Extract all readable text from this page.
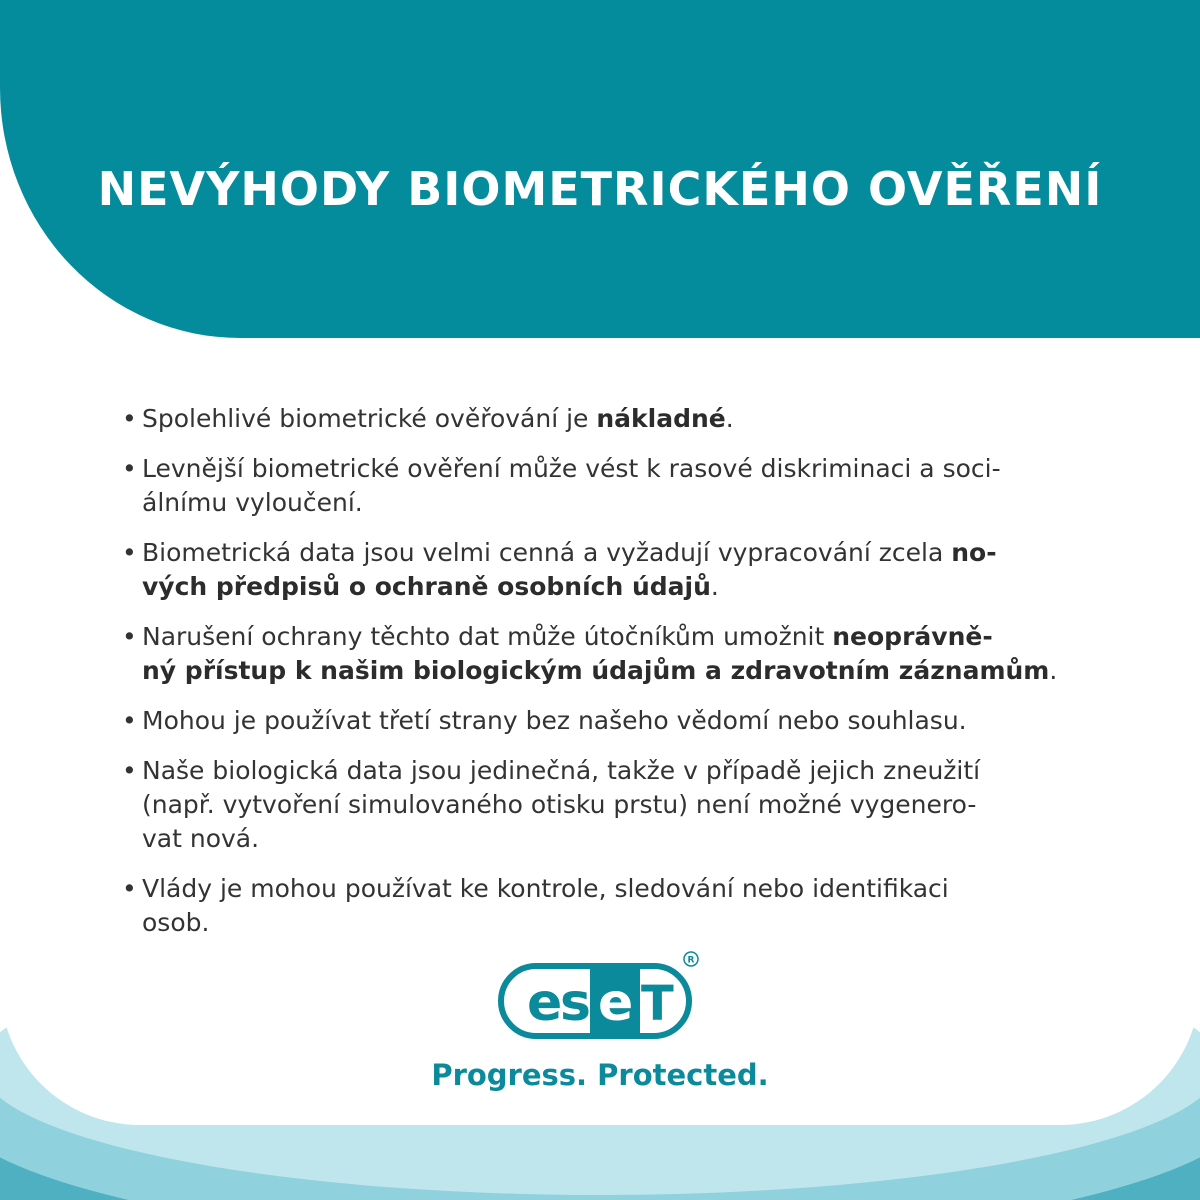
NEVÝHODY BIOMETRICKÉHO OVĚŘENÍ
• Spolehlivé biometrické ověřování je nákladné.
• Levnější biometrické ověření může vést k rasové diskriminaci a soci-
álnímu vyloučení.
• Biometrická data jsou velmi cenná a vyžadují vypracování zcela no-
vých předpisů o ochraně osobních údajů.
• Narušení ochrany těchto dat může útočníkům umožnit neoprávně-
ný přístup k našim biologickým údajům a zdravotním záznamům.
• Mohou je používat třetí strany bez našeho vědomí nebo souhlasu.
• Naše biologická data jsou jedinečná, takže v případě jejich zneužití
(např. vytvoření simulovaného otisku prstu) není možné vygenero-
vat nová.
• Vlády je mohou používat ke kontrole, sledování nebo identifikaci
osob.
e
s e T
R
Progress. Protected.
